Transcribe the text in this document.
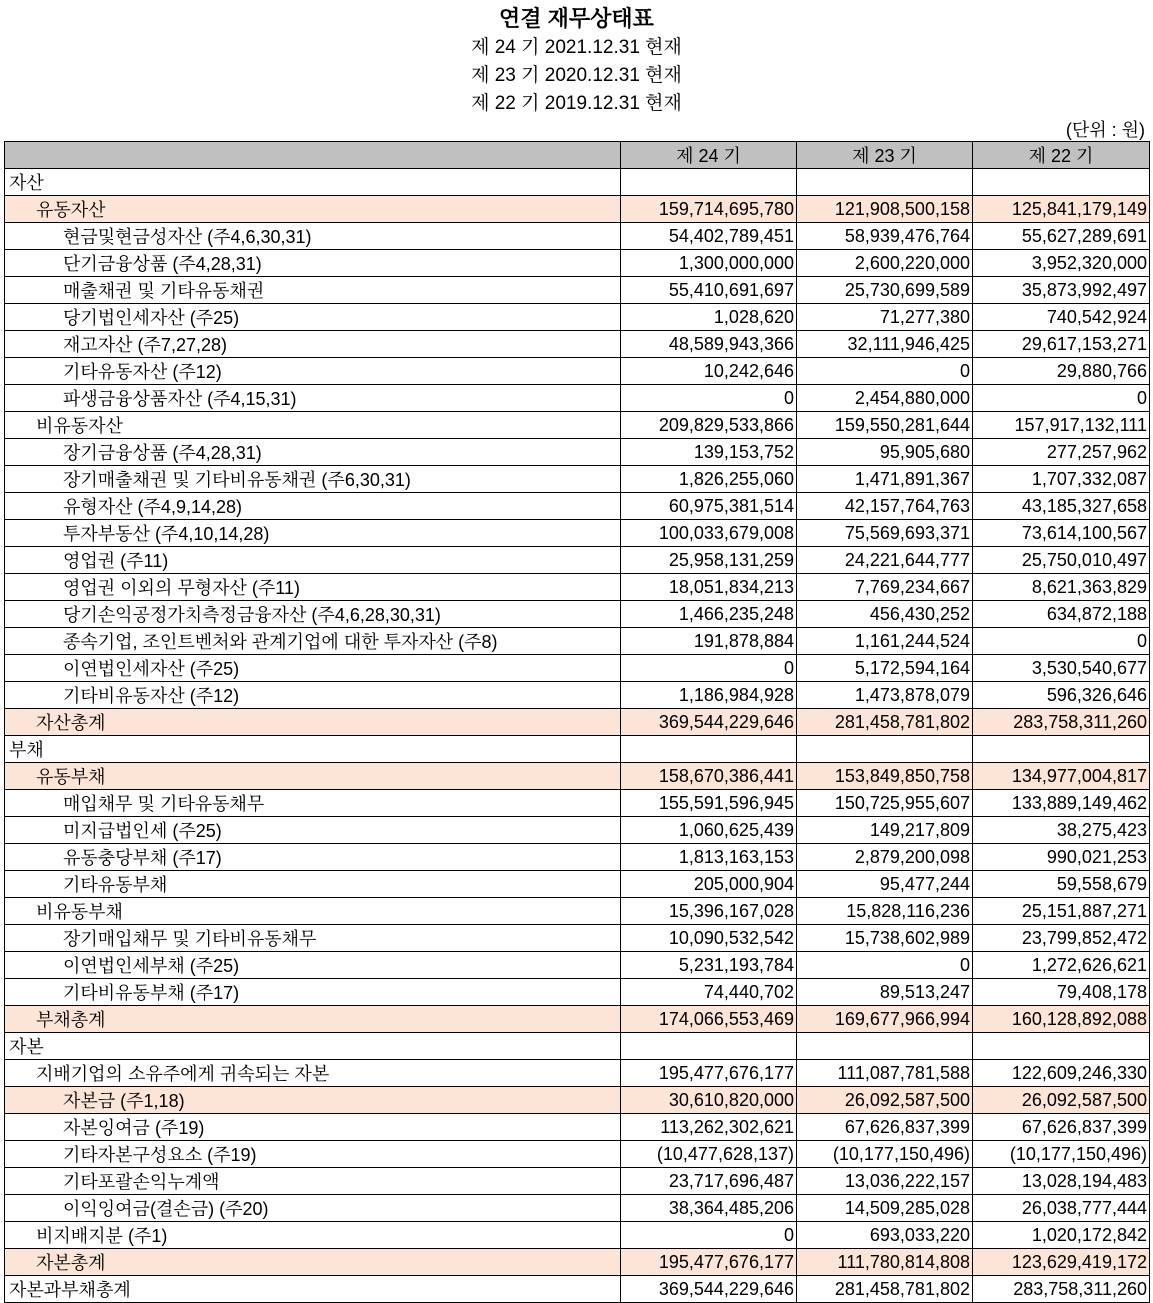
연결 재무상태표
제 24 기 2021.12.31 현재
제 23 기 2020.12.31 현재
제 22 기 2019.12.31 현재
(단위 : 원)
	제 24 기	제 23 기	제 22 기
자산			
유동자산	159,714,695,780	121,908,500,158	125,841,179,149
현금및현금성자산 (주4,6,30,31)	54,402,789,451	58,939,476,764	55,627,289,691
단기금융상품 (주4,28,31)	1,300,000,000	2,600,220,000	3,952,320,000
매출채권 및 기타유동채권	55,410,691,697	25,730,699,589	35,873,992,497
당기법인세자산 (주25)	1,028,620	71,277,380	740,542,924
재고자산 (주7,27,28)	48,589,943,366	32,111,946,425	29,617,153,271
기타유동자산 (주12)	10,242,646	0	29,880,766
파생금융상품자산 (주4,15,31)	0	2,454,880,000	0
비유동자산	209,829,533,866	159,550,281,644	157,917,132,111
장기금융상품 (주4,28,31)	139,153,752	95,905,680	277,257,962
장기매출채권 및 기타비유동채권 (주6,30,31)	1,826,255,060	1,471,891,367	1,707,332,087
유형자산 (주4,9,14,28)	60,975,381,514	42,157,764,763	43,185,327,658
투자부동산 (주4,10,14,28)	100,033,679,008	75,569,693,371	73,614,100,567
영업권 (주11)	25,958,131,259	24,221,644,777	25,750,010,497
영업권 이외의 무형자산 (주11)	18,051,834,213	7,769,234,667	8,621,363,829
당기손익공정가치측정금융자산 (주4,6,28,30,31)	1,466,235,248	456,430,252	634,872,188
종속기업, 조인트벤처와 관계기업에 대한 투자자산 (주8)	191,878,884	1,161,244,524	0
이연법인세자산 (주25)	0	5,172,594,164	3,530,540,677
기타비유동자산 (주12)	1,186,984,928	1,473,878,079	596,326,646
자산총계	369,544,229,646	281,458,781,802	283,758,311,260
부채			
유동부채	158,670,386,441	153,849,850,758	134,977,004,817
매입채무 및 기타유동채무	155,591,596,945	150,725,955,607	133,889,149,462
미지급법인세 (주25)	1,060,625,439	149,217,809	38,275,423
유동충당부채 (주17)	1,813,163,153	2,879,200,098	990,021,253
기타유동부채	205,000,904	95,477,244	59,558,679
비유동부채	15,396,167,028	15,828,116,236	25,151,887,271
장기매입채무 및 기타비유동채무	10,090,532,542	15,738,602,989	23,799,852,472
이연법인세부채 (주25)	5,231,193,784	0	1,272,626,621
기타비유동부채 (주17)	74,440,702	89,513,247	79,408,178
부채총계	174,066,553,469	169,677,966,994	160,128,892,088
자본			
지배기업의 소유주에게 귀속되는 자본	195,477,676,177	111,087,781,588	122,609,246,330
자본금 (주1,18)	30,610,820,000	26,092,587,500	26,092,587,500
자본잉여금 (주19)	113,262,302,621	67,626,837,399	67,626,837,399
기타자본구성요소 (주19)	(10,477,628,137)	(10,177,150,496)	(10,177,150,496)
기타포괄손익누계액	23,717,696,487	13,036,222,157	13,028,194,483
이익잉여금(결손금) (주20)	38,364,485,206	14,509,285,028	26,038,777,444
비지배지분 (주1)	0	693,033,220	1,020,172,842
자본총계	195,477,676,177	111,780,814,808	123,629,419,172
자본과부채총계	369,544,229,646	281,458,781,802	283,758,311,260
